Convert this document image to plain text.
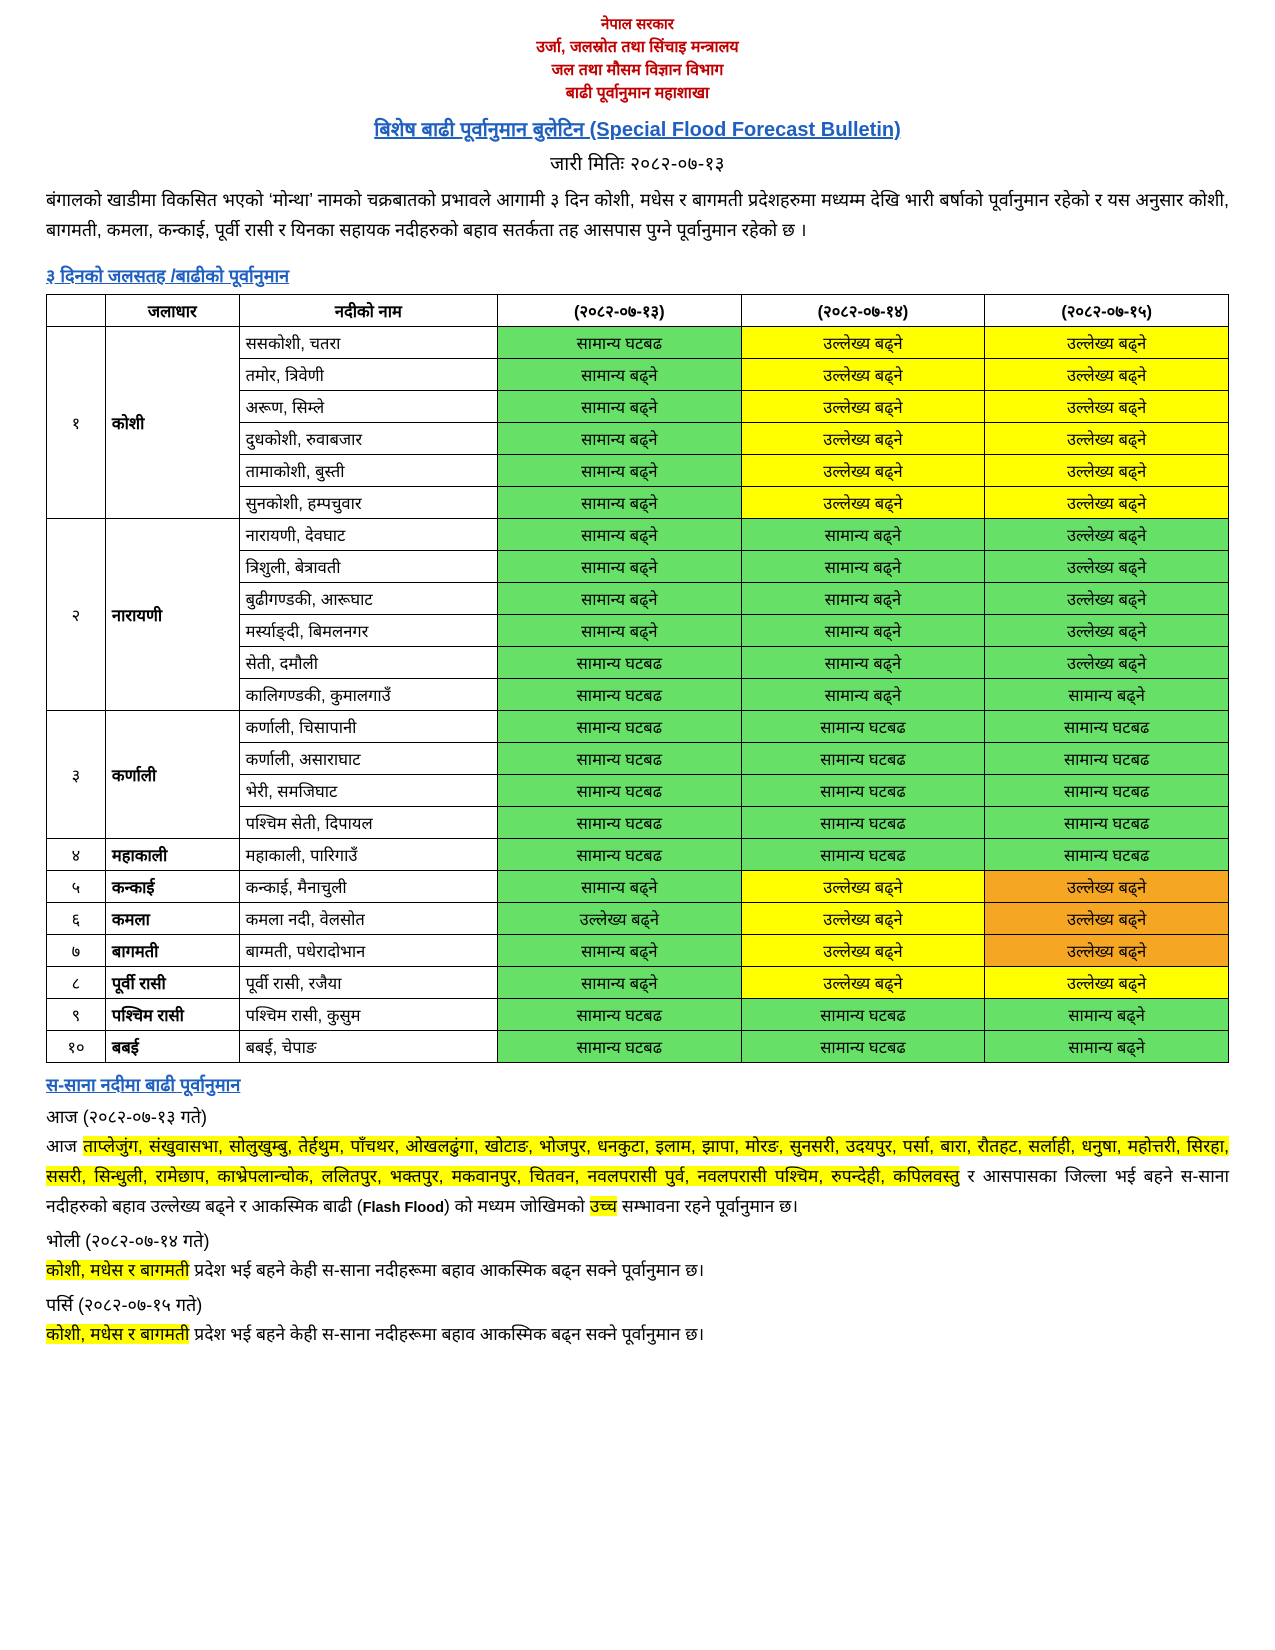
नेपाल सरकार
उर्जा, जलस्रोत तथा सिंचाइ मन्त्रालय
जल तथा मौसम विज्ञान विभाग
बाढी पूर्वानुमान महाशाखा
बिशेष बाढी पूर्वानुमान बुलेटिन (Special Flood Forecast Bulletin)
जारी मितिः २०८२-०७-१३

बंगालको खाडीमा विकसित भएको ‘मोन्था’ नामको चक्रबातको प्रभावले आगामी ३ दिन कोशी, मधेस र बागमती प्रदेशहरुमा मध्यम्म देखि भारी बर्षाको पूर्वानुमान रहेको र यस अनुसार कोशी, बागमती, कमला, कन्काई, पूर्वी रासी र यिनका सहायक नदीहरुको बहाव सतर्कता तह आसपास पुग्ने पूर्वानुमान रहेको छ ।

३ दिनको जलसतह /बाढीको पूर्वानुमान
	जलाधार	नदीको नाम	(२०८२-०७-१३)	(२०८२-०७-१४)	(२०८२-०७-१५)
१	कोशी	ससकोशी, चतरा	सामान्य घटबढ	उल्लेख्य बढ्ने	उल्लेख्य बढ्ने
		तमोर, त्रिवेणी	सामान्य बढ्ने	उल्लेख्य बढ्ने	उल्लेख्य बढ्ने
		अरूण, सिम्ले	सामान्य बढ्ने	उल्लेख्य बढ्ने	उल्लेख्य बढ्ने
		दुधकोशी, रुवाबजार	सामान्य बढ्ने	उल्लेख्य बढ्ने	उल्लेख्य बढ्ने
		तामाकोशी, बुस्ती	सामान्य बढ्ने	उल्लेख्य बढ्ने	उल्लेख्य बढ्ने
		सुनकोशी, हम्पचुवार	सामान्य बढ्ने	उल्लेख्य बढ्ने	उल्लेख्य बढ्ने
२	नारायणी	नारायणी, देवघाट	सामान्य बढ्ने	सामान्य बढ्ने	उल्लेख्य बढ्ने
		त्रिशुली, बेत्रावती	सामान्य बढ्ने	सामान्य बढ्ने	उल्लेख्य बढ्ने
		बुढीगण्डकी, आरूघाट	सामान्य बढ्ने	सामान्य बढ्ने	उल्लेख्य बढ्ने
		मर्स्याङ्दी, बिमलनगर	सामान्य बढ्ने	सामान्य बढ्ने	उल्लेख्य बढ्ने
		सेती, दमौली	सामान्य घटबढ	सामान्य बढ्ने	उल्लेख्य बढ्ने
		कालिगण्डकी, कुमालगाउँ	सामान्य घटबढ	सामान्य बढ्ने	सामान्य बढ्ने
३	कर्णाली	कर्णाली, चिसापानी	सामान्य घटबढ	सामान्य घटबढ	सामान्य घटबढ
		कर्णाली, असाराघाट	सामान्य घटबढ	सामान्य घटबढ	सामान्य घटबढ
		भेरी, समजिघाट	सामान्य घटबढ	सामान्य घटबढ	सामान्य घटबढ
		पश्चिम सेती, दिपायल	सामान्य घटबढ	सामान्य घटबढ	सामान्य घटबढ
४	महाकाली	महाकाली, पारिगाउँ	सामान्य घटबढ	सामान्य घटबढ	सामान्य घटबढ
५	कन्काई	कन्काई, मैनाचुली	सामान्य बढ्ने	उल्लेख्य बढ्ने	उल्लेख्य बढ्ने
६	कमला	कमला नदी, वेलसोत	उल्लेख्य बढ्ने	उल्लेख्य बढ्ने	उल्लेख्य बढ्ने
७	बागमती	बाग्मती, पधेरादोभान	सामान्य बढ्ने	उल्लेख्य बढ्ने	उल्लेख्य बढ्ने
८	पूर्वी रासी	पूर्वी रासी, रजैया	सामान्य बढ्ने	उल्लेख्य बढ्ने	उल्लेख्य बढ्ने
९	पश्चिम रासी	पश्चिम रासी, कुसुम	सामान्य घटबढ	सामान्य घटबढ	सामान्य बढ्ने
१०	बबई	बबई, चेपाङ	सामान्य घटबढ	सामान्य घटबढ	सामान्य बढ्ने
स-साना नदीमा बाढी पूर्वानुमान
आज (२०८२-०७-१३ गते)

आज ताप्लेजुंग, संखुवासभा, सोलुखुम्बु, तेर्हथुम, पाँचथर, ओखलढुंगा, खोटाङ, भोजपुर, धनकुटा, इलाम, झापा, मोरङ, सुनसरी, उदयपुर, पर्सा, बारा, रौतहट, सर्लाही, धनुषा, महोत्तरी, सिरहा, ससरी, सिन्धुली, रामेछाप, काभ्रेपलान्चोक, ललितपुर, भक्तपुर, मकवानपुर, चितवन, नवलपरासी पुर्व, नवलपरासी पश्चिम, रुपन्देही, कपिलवस्तु र आसपासका जिल्ला भई बहने स-साना नदीहरुको बहाव उल्लेख्य बढ्ने र आकस्मिक बाढी (Flash Flood) को मध्यम जोखिमको उच्च सम्भावना रहने पूर्वानुमान छ।

भोली (२०८२-०७-१४ गते)

कोशी, मधेस र बागमती प्रदेश भई बहने केही स-साना नदीहरूमा बहाव आकस्मिक बढ्न सक्ने पूर्वानुमान छ।

पर्सि (२०८२-०७-१५ गते)

कोशी, मधेस र बागमती प्रदेश भई बहने केही स-साना नदीहरूमा बहाव आकस्मिक बढ्न सक्ने पूर्वानुमान छ।
